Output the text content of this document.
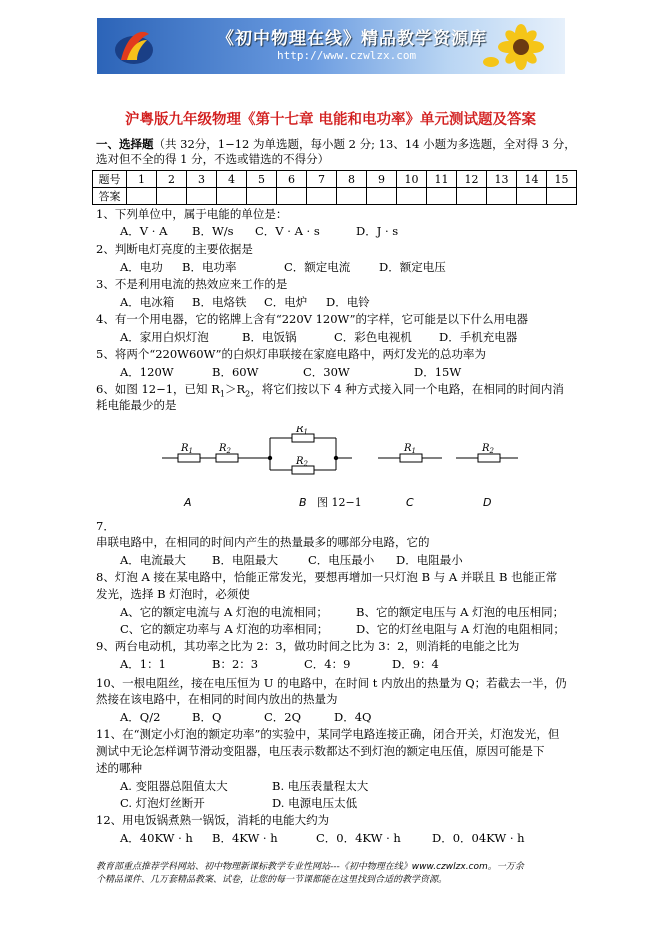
《初中物理在线》精品教学资源库
http://www.czwlzx.com
沪粤版九年级物理《第十七章 电能和电功率》单元测试题及答案
一、选择题（共 32分，1−12 为单选题，每小题 2 分; 13、14 小题为多选题，全对得 3 分，
选对但不全的得 1 分，不选或错选的不得分）
题号	1	2	3	4	5	6	7	8	9	10	11	12	13	14	15
答案															
1、下列单位中，属于电能的单位是：
A．V · A B．W/s C．V · A · s	D．J · s
2、判断电灯亮度的主要依据是
A．电功 B．电功率	C．额定电流 D．额定电压
3、不是利用电流的热效应来工作的是
A．电冰箱 B．电烙铁 C．电炉 D．电铃
4、有一个用电器，它的铭牌上含有“220V 120W”的字样，它可能是以下什么用电器
A．家用白炽灯泡	B．电饭锅	C．彩色电视机 D．手机充电器
5、将两个“220W60W”的白炽灯串联接在家庭电路中，两灯发光的总功率为
A．120W	B．60W	C．30W	D．15W
6、如图 12−1，已知 $R_1>R_2$，将它们按以下 4 种方式接入同一个电路，在相同的时间内消
耗电能最少的是
$R_1$	$R_2$
$R_1$
$R_2$
$R_1$	$R_2$
A	B	C	D
图 12−1
7．
串联电路中，在相同的时间内产生的热量最多的哪部分电路，它的
A．电流最大 B．电阻最大	C．电压最小 D．电阻最小
8、灯泡 A 接在某电路中，恰能正常发光，要想再增加一只灯泡 B 与 A 并联且 B 也能正常
发光，选择 B 灯泡时，必须使
A、它的额定电流与 A 灯泡的电流相同； B、它的额定电压与 A 灯泡的电压相同；
C、它的额定功率与 A 灯泡的功率相同； D、它的灯丝电阻与 A 灯泡的电阻相同；
9、两台电动机，其功率之比为 2：3，做功时间之比为 3：2，则消耗的电能之比为
A．1：1	B：2：3	C．4：9	D．9：4
10、一根电阻丝，接在电压恒为 U 的电路中，在时间 t 内放出的热量为 Q；若截去一半，仍
然接在该电路中，在相同的时间内放出的热量为
A．Q/2	B．Q	C．2Q	D．4Q
11、在“测定小灯泡的额定功率”的实验中，某同学电路连接正确，闭合开关，灯泡发光，但
测试中无论怎样调节滑动变阻器，电压表示数都达不到灯泡的额定电压值，原因可能是下
述的哪种
A. 变阻器总阻值太大	B. 电压表量程太大
C. 灯泡灯丝断开	D. 电源电压太低
12、用电饭锅煮熟一锅饭，消耗的电能大约为
A．40KW · h B．4KW · h	C．0．4KW · h	D．0．04KW · h
教育部重点推荐学科网站、初中物理新课标教学专业性网站---《初中物理在线》www.czwlzx.com。一万余
个精品课件、几万套精品教案、试卷，让您的每一节课都能在这里找到合适的教学资源。
